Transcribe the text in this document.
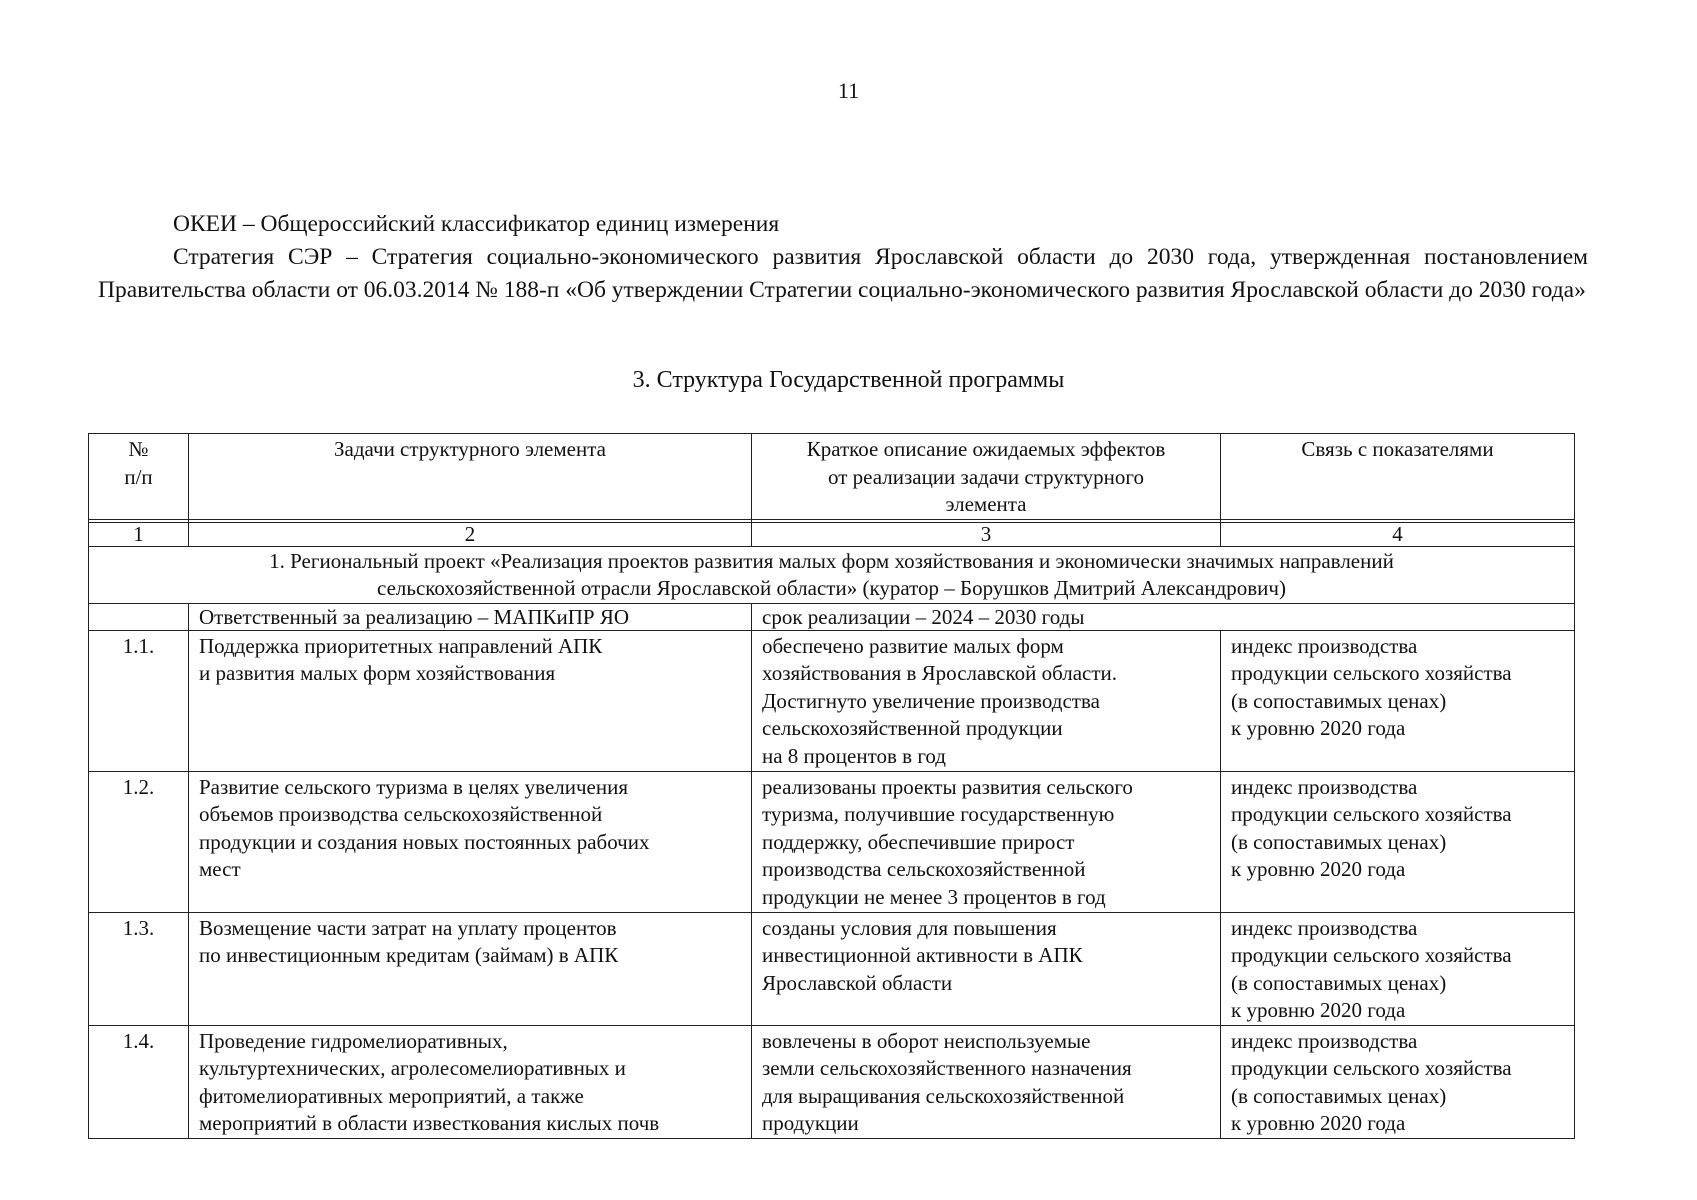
11

ОКЕИ – Общероссийский классификатор единиц измерения

Стратегия СЭР – Стратегия социально-экономического развития Ярославской области до 2030 года, утвержденная постановлением Правительства области от 06.03.2014 № 188-п «Об утверждении Стратегии социально-экономического развития Ярославской области до 2030 года»

3. Структура Государственной программы
№
п/п	Задачи структурного элемента	Краткое описание ожидаемых эффектов
от реализации задачи структурного
элемента	Связь с показателями

1	2	3	4
1. Региональный проект «Реализация проектов развития малых форм хозяйствования и экономически значимых направлений
сельскохозяйственной отрасли Ярославской области» (куратор – Борушков Дмитрий Александрович)			
	Ответственный за реализацию – МАПКиПР ЯО	срок реализации – 2024 – 2030 годы	
1.1.	Поддержка приоритетных направлений АПК
и развития малых форм хозяйствования	обеспечено развитие малых форм
хозяйствования в Ярославской области.
Достигнуто увеличение производства
сельскохозяйственной продукции
на 8 процентов в год	индекс производства
продукции сельского хозяйства
(в сопоставимых ценах)
к уровню 2020 года
1.2.	Развитие сельского туризма в целях увеличения
объемов производства сельскохозяйственной
продукции и создания новых постоянных рабочих
мест	реализованы проекты развития сельского
туризма, получившие государственную
поддержку, обеспечившие прирост
производства сельскохозяйственной
продукции не менее 3 процентов в год	индекс производства
продукции сельского хозяйства
(в сопоставимых ценах)
к уровню 2020 года
1.3.	Возмещение части затрат на уплату процентов
по инвестиционным кредитам (займам) в АПК	созданы условия для повышения
инвестиционной активности в АПК
Ярославской области	индекс производства
продукции сельского хозяйства
(в сопоставимых ценах)
к уровню 2020 года
1.4.	Проведение гидромелиоративных,
культуртехнических, агролесомелиоративных и
фитомелиоративных мероприятий, а также
мероприятий в области известкования кислых почв	вовлечены в оборот неиспользуемые
земли сельскохозяйственного назначения
для выращивания сельскохозяйственной
продукции	индекс производства
продукции сельского хозяйства
(в сопоставимых ценах)
к уровню 2020 года
